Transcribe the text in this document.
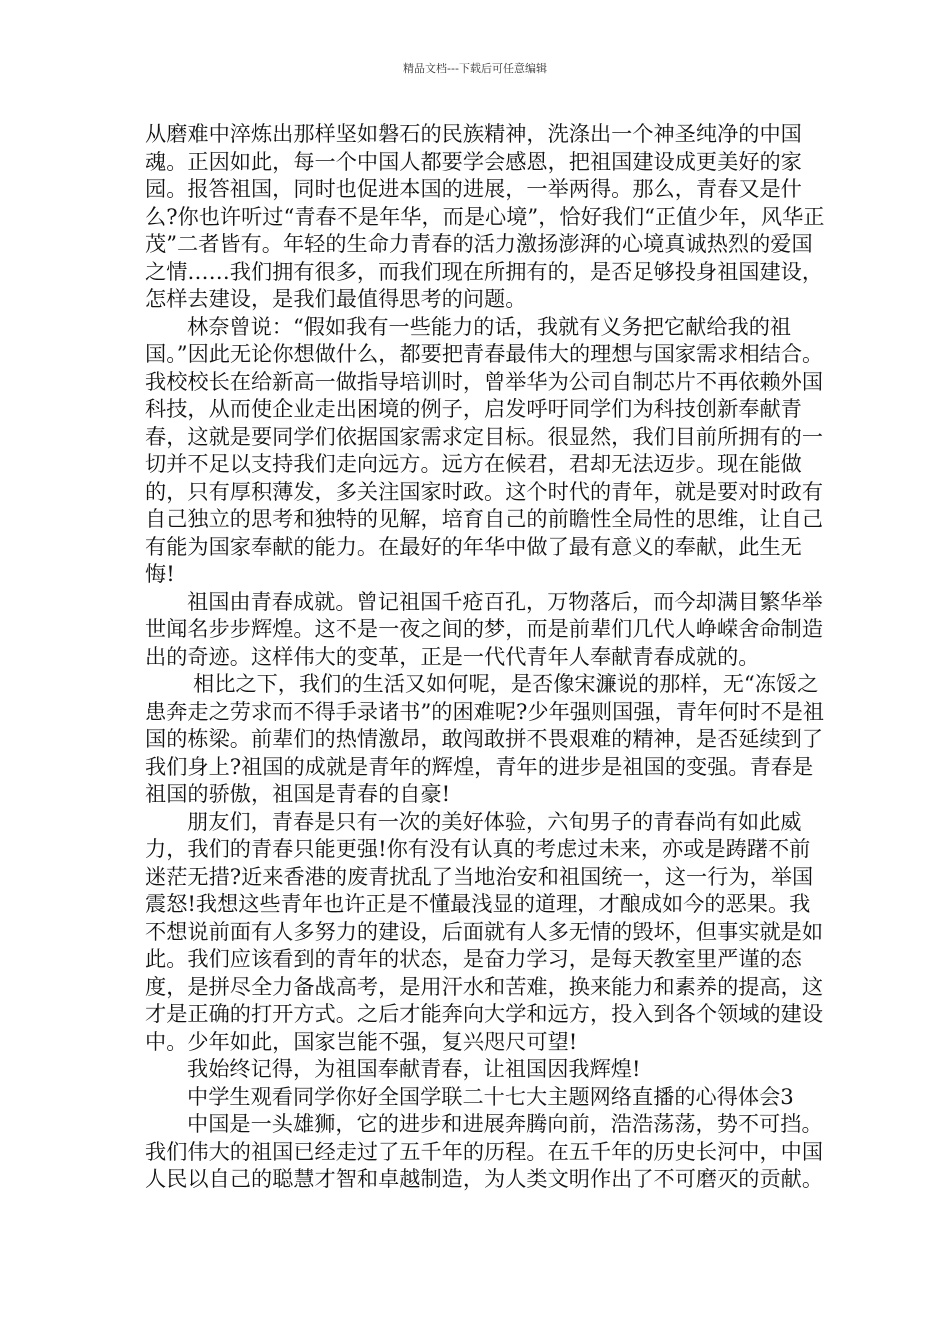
精品文档---下载后可任意编辑

从磨难中淬炼出那样坚如磐石的民族精神，洗涤出一个神圣纯净的中国魂。正因如此，每一个中国人都要学会感恩，把祖国建设成更美好的家园。报答祖国，同时也促进本国的进展，一举两得。那么，青春又是什么?你也许听过“青春不是年华，而是心境”，恰好我们“正值少年，风华正茂”二者皆有。年轻的生命力青春的活力激扬澎湃的心境真诚热烈的爱国之情……我们拥有很多，而我们现在所拥有的，是否足够投身祖国建设，怎样去建设，是我们最值得思考的问题。

林奈曾说：“假如我有一些能力的话，我就有义务把它献给我的祖国。”因此无论你想做什么，都要把青春最伟大的理想与国家需求相结合。我校校长在给新高一做指导培训时，曾举华为公司自制芯片不再依赖外国科技，从而使企业走出困境的例子，启发呼吁同学们为科技创新奉献青春，这就是要同学们依据国家需求定目标。很显然，我们目前所拥有的一切并不足以支持我们走向远方。远方在候君，君却无法迈步。现在能做的，只有厚积薄发，多关注国家时政。这个时代的青年，就是要对时政有自己独立的思考和独特的见解，培育自己的前瞻性全局性的思维，让自己有能为国家奉献的能力。在最好的年华中做了最有意义的奉献，此生无悔!

祖国由青春成就。曾记祖国千疮百孔，万物落后，而今却满目繁华举世闻名步步辉煌。这不是一夜之间的梦，而是前辈们几代人峥嵘舍命制造出的奇迹。这样伟大的变革，正是一代代青年人奉献青春成就的。

相比之下，我们的生活又如何呢，是否像宋濂说的那样，无“冻馁之患奔走之劳求而不得手录诸书”的困难呢?少年强则国强，青年何时不是祖国的栋梁。前辈们的热情激昂，敢闯敢拼不畏艰难的精神，是否延续到了我们身上?祖国的成就是青年的辉煌，青年的进步是祖国的变强。青春是祖国的骄傲，祖国是青春的自豪!

朋友们，青春是只有一次的美好体验，六旬男子的青春尚有如此威力，我们的青春只能更强!你有没有认真的考虑过未来，亦或是踌躇不前迷茫无措?近来香港的废青扰乱了当地治安和祖国统一，这一行为，举国震怒!我想这些青年也许正是不懂最浅显的道理，才酿成如今的恶果。我不想说前面有人多努力的建设，后面就有人多无情的毁坏，但事实就是如此。我们应该看到的青年的状态，是奋力学习，是每天教室里严谨的态度，是拼尽全力备战高考，是用汗水和苦难，换来能力和素养的提高，这才是正确的打开方式。之后才能奔向大学和远方，投入到各个领域的建设中。少年如此，国家岂能不强，复兴咫尺可望!

我始终记得，为祖国奉献青春，让祖国因我辉煌!

中学生观看同学你好全国学联二十七大主题网络直播的心得体会3

中国是一头雄狮，它的进步和进展奔腾向前，浩浩荡荡，势不可挡。我们伟大的祖国已经走过了五千年的历程。在五千年的历史长河中，中国人民以自己的聪慧才智和卓越制造，为人类文明作出了不可磨灭的贡献。
